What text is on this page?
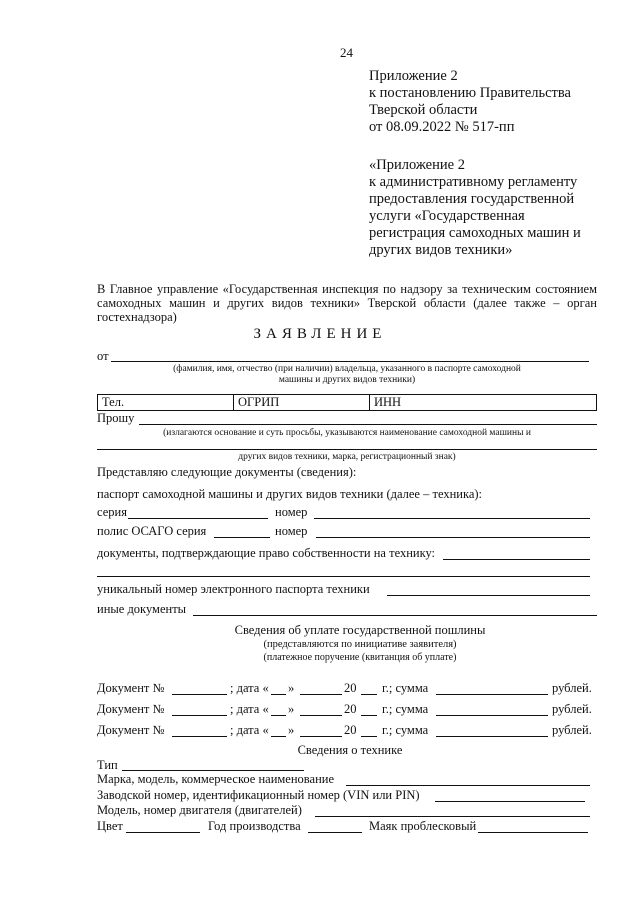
24
Приложение 2
к постановлению Правительства
Тверской области
от 08.09.2022 № 517-пп
«Приложение 2
к административному регламенту
предоставления государственной
услуги «Государственная
регистрация самоходных машин и
других видов техники»
В Главное управление «Государственная инспекция по надзору за техническим состоянием самоходных машин и других видов техники» Тверской области (далее также – орган гостехнадзора)
ЗАЯВЛЕНИЕ
от
(фамилия, имя, отчество (при наличии) владельца, указанного в паспорте самоходной
машины и других видов техники)
Тел.	ОГРИП	ИНН
Прошу
(излагаются основание и суть просьбы, указываются наименование самоходной машины и
других видов техники, марка, регистрационный знак)
Представляю следующие документы (сведения):
паспорт самоходной машины и других видов техники (далее – техника):
серия	номер
полис ОСАГО серия	номер
документы, подтверждающие право собственности на технику:
уникальный номер электронного паспорта техники
иные документы
Сведения об уплате государственной пошлины
(представляются по инициативе заявителя)
(платежное поручение (квитанция об уплате)
Документ №	; дата « »	20 г.; сумма	рублей.
Документ №	; дата « »	20 г.; сумма	рублей.
Документ №	; дата « »	20 г.; сумма	рублей.
Сведения о технике
Тип
Марка, модель, коммерческое наименование
Заводской номер, идентификационный номер (VIN или PIN)
Модель, номер двигателя (двигателей)
Цвет	Год производства	Маяк проблесковый
